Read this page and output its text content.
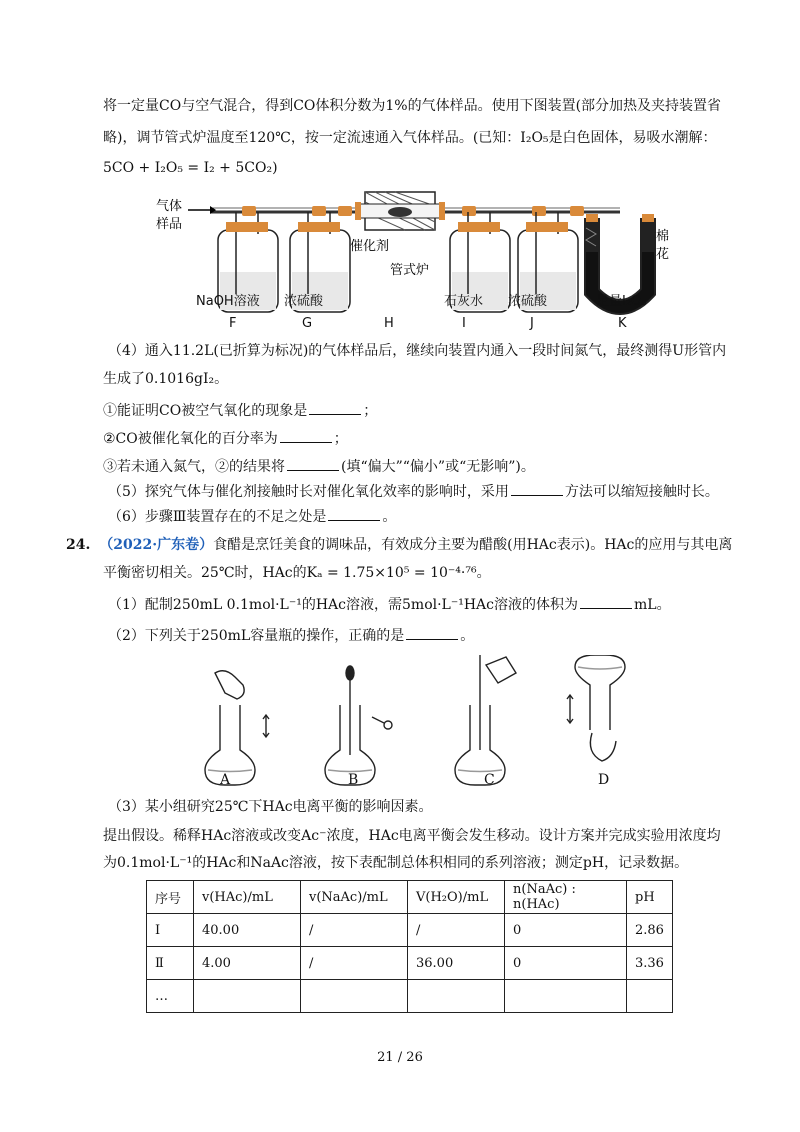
将一定量CO与空气混合，得到CO体积分数为1%的气体样品。使用下图装置(部分加热及夹持装置省
略)，调节管式炉温度至120℃，按一定流速通入气体样品。(已知：I₂O₅是白色固体，易吸水潮解：
5CO + I₂O₅ = I₂ + 5CO₂)
气体
样品
催化剂
管式炉
棉
花
NaOH溶液 浓硫酸	石灰水 浓硫酸	足量I₂O₅
F	G	H	I	J	K
（4）通入11.2L(已折算为标况)的气体样品后，继续向装置内通入一段时间氮气，最终测得U形管内
生成了0.1016gI₂。
①能证明CO被空气氧化的现象是	；
②CO被催化氧化的百分率为	；
③若未通入氮气，②的结果将	(填“偏大”“偏小”或“无影响”)。
（5）探究气体与催化剂接触时长对催化氧化效率的影响时，采用	方法可以缩短接触时长。
（6）步骤Ⅲ装置存在的不足之处是	。
24. （2022·广东卷）食醋是烹饪美食的调味品，有效成分主要为醋酸(用HAc表示)。HAc的应用与其电离
平衡密切相关。25℃时，HAc的Kₐ = 1.75×10⁵ = 10⁻⁴·⁷⁶。
（1）配制250mL 0.1mol·L⁻¹的HAc溶液，需5mol·L⁻¹HAc溶液的体积为	mL。
（2）下列关于250mL容量瓶的操作，正确的是	。
A	B	C	D
（3）某小组研究25℃下HAc电离平衡的影响因素。
提出假设。稀释HAc溶液或改变Ac⁻浓度，HAc电离平衡会发生移动。设计方案并完成实验用浓度均
为0.1mol·L⁻¹的HAc和NaAc溶液，按下表配制总体积相同的系列溶液；测定pH，记录数据。
序号	v(HAc)/mL	v(NaAc)/mL	V(H₂O)/mL	n(NaAc) : n(HAc)	pH
Ⅰ	40.00	/	/	0	2.86
Ⅱ	4.00	/	36.00	0	3.36
…					
21 / 26
